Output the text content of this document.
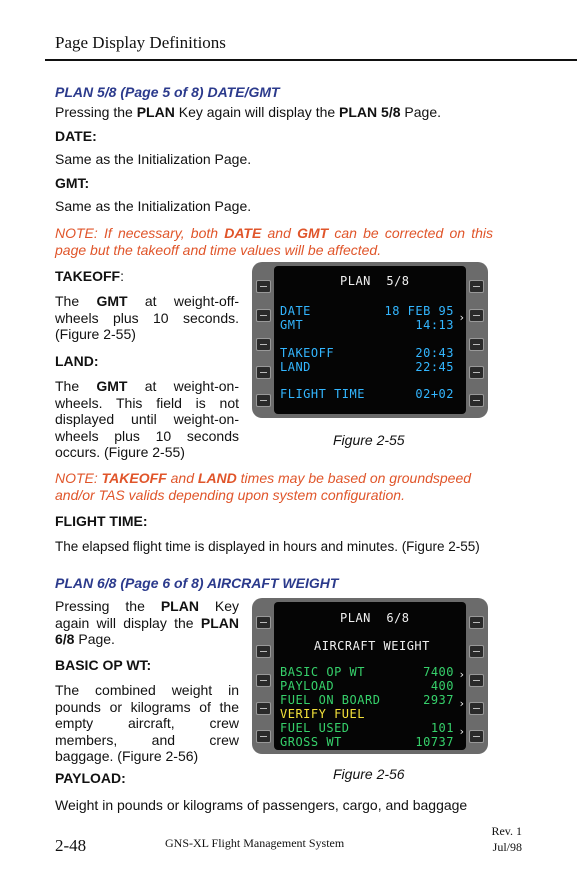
Page Display Definitions
PLAN 5/8 (Page 5 of 8) DATE/GMT
Pressing the PLAN Key again will display the PLAN 5/8 Page.
DATE:
Same as the Initialization Page.
GMT:
Same as the Initialization Page.
NOTE: If necessary, both DATE and GMT can be corrected on this page but the takeoff and time values will be affected.
TAKEOFF:
The GMT at weight-off-wheels plus 10 seconds. (Figure 2-55)
LAND:
The GMT at weight-on-wheels. This field is not displayed until weight-on-wheels plus 10 seconds occurs. (Figure 2-55)
PLAN  5/8
DATE	18 FEB 95
GMT	14:13
›
TAKEOFF	20:43
LAND	22:45
FLIGHT TIME	02+02
Figure 2-55
NOTE: TAKEOFF and LAND times may be based on groundspeed and/or TAS valids depending upon system configuration.
FLIGHT TIME:
The elapsed flight time is displayed in hours and minutes. (Figure 2-55)
PLAN 6/8 (Page 6 of 8) AIRCRAFT WEIGHT
Pressing the PLAN Key again will display the PLAN 6/8 Page.
BASIC OP WT:
The combined weight in pounds or kilograms of the empty aircraft, crew members, and crew baggage. (Figure 2-56)
PLAN  6/8
AIRCRAFT WEIGHT
BASIC OP WT	7400 ›
PAYLOAD	400
FUEL ON BOARD	2937 ›
VERIFY FUEL
FUEL USED	101 ›
GROSS WT	10737
Figure 2-56
PAYLOAD:
Weight in pounds or kilograms of passengers, cargo, and baggage
2-48	GNS-XL Flight Management System
Rev. 1
Jul/98
